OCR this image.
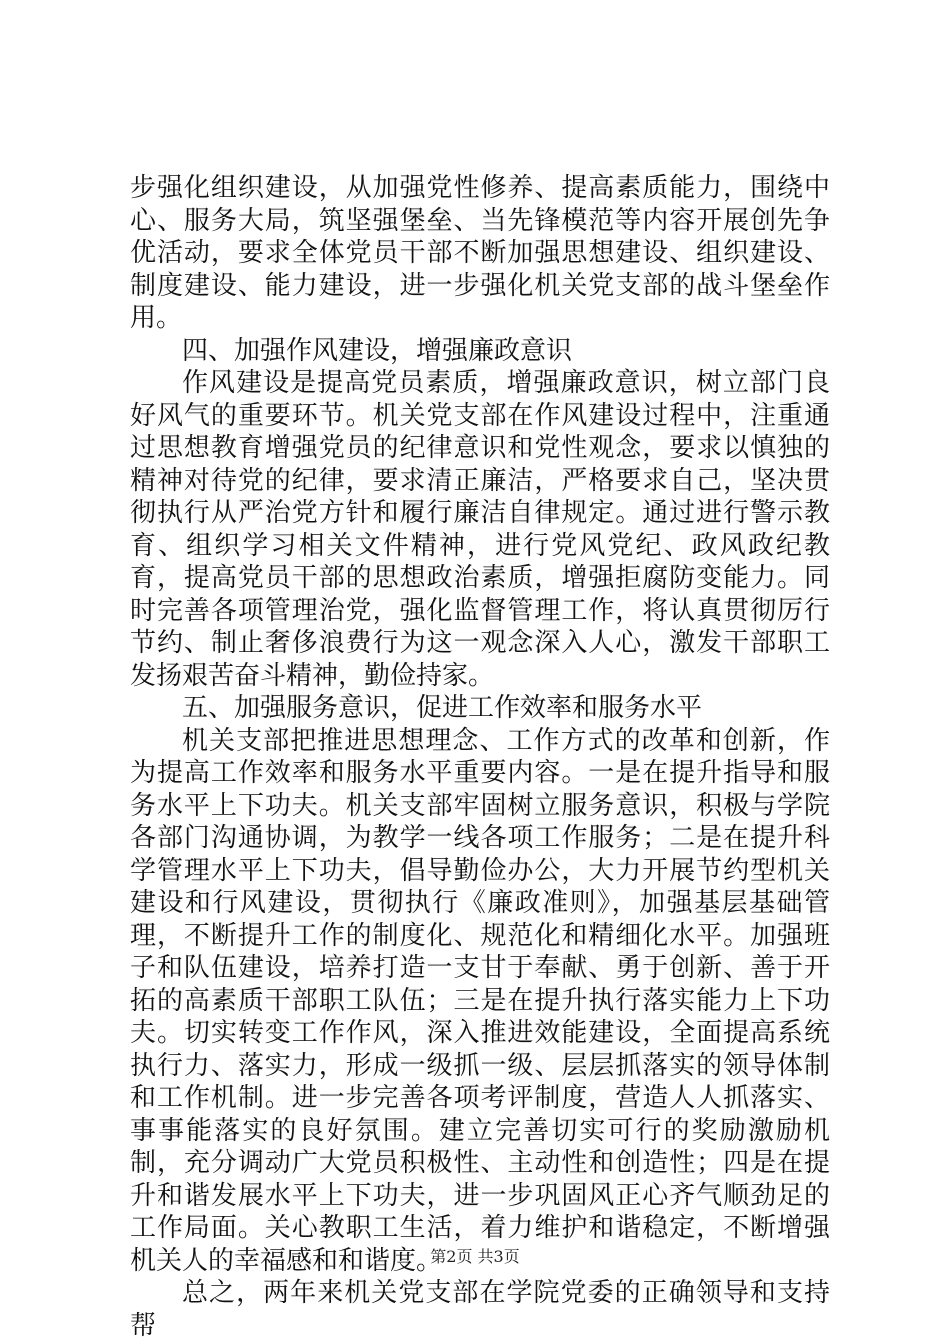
步强化组织建设，从加强党性修养、提高素质能力，围绕中心、服务大局，筑坚强堡垒、当先锋模范等内容开展创先争优活动，要求全体党员干部不断加强思想建设、组织建设、制度建设、能力建设，进一步强化机关党支部的战斗堡垒作用。

四、加强作风建设，增强廉政意识

作风建设是提高党员素质，增强廉政意识，树立部门良好风气的重要环节。机关党支部在作风建设过程中，注重通过思想教育增强党员的纪律意识和党性观念，要求以慎独的精神对待党的纪律，要求清正廉洁，严格要求自己，坚决贯彻执行从严治党方针和履行廉洁自律规定。通过进行警示教育、组织学习相关文件精神，进行党风党纪、政风政纪教育，提高党员干部的思想政治素质，增强拒腐防变能力。同时完善各项管理治党，强化监督管理工作，将认真贯彻厉行节约、制止奢侈浪费行为这一观念深入人心，激发干部职工发扬艰苦奋斗精神，勤俭持家。

五、加强服务意识，促进工作效率和服务水平

机关支部把推进思想理念、工作方式的改革和创新，作为提高工作效率和服务水平重要内容。一是在提升指导和服务水平上下功夫。机关支部牢固树立服务意识，积极与学院各部门沟通协调，为教学一线各项工作服务；二是在提升科学管理水平上下功夫，倡导勤俭办公，大力开展节约型机关建设和行风建设，贯彻执行《廉政准则》，加强基层基础管理，不断提升工作的制度化、规范化和精细化水平。加强班子和队伍建设，培养打造一支甘于奉献、勇于创新、善于开拓的高素质干部职工队伍；三是在提升执行落实能力上下功夫。切实转变工作作风，深入推进效能建设，全面提高系统执行力、落实力，形成一级抓一级、层层抓落实的领导体制和工作机制。进一步完善各项考评制度，营造人人抓落实、事事能落实的良好氛围。建立完善切实可行的奖励激励机制，充分调动广大党员积极性、主动性和创造性；四是在提升和谐发展水平上下功夫，进一步巩固风正心齐气顺劲足的工作局面。关心教职工生活，着力维护和谐稳定，不断增强机关人的幸福感和和谐度。

总之，两年来机关党支部在学院党委的正确领导和支持帮

第2页 共3页
